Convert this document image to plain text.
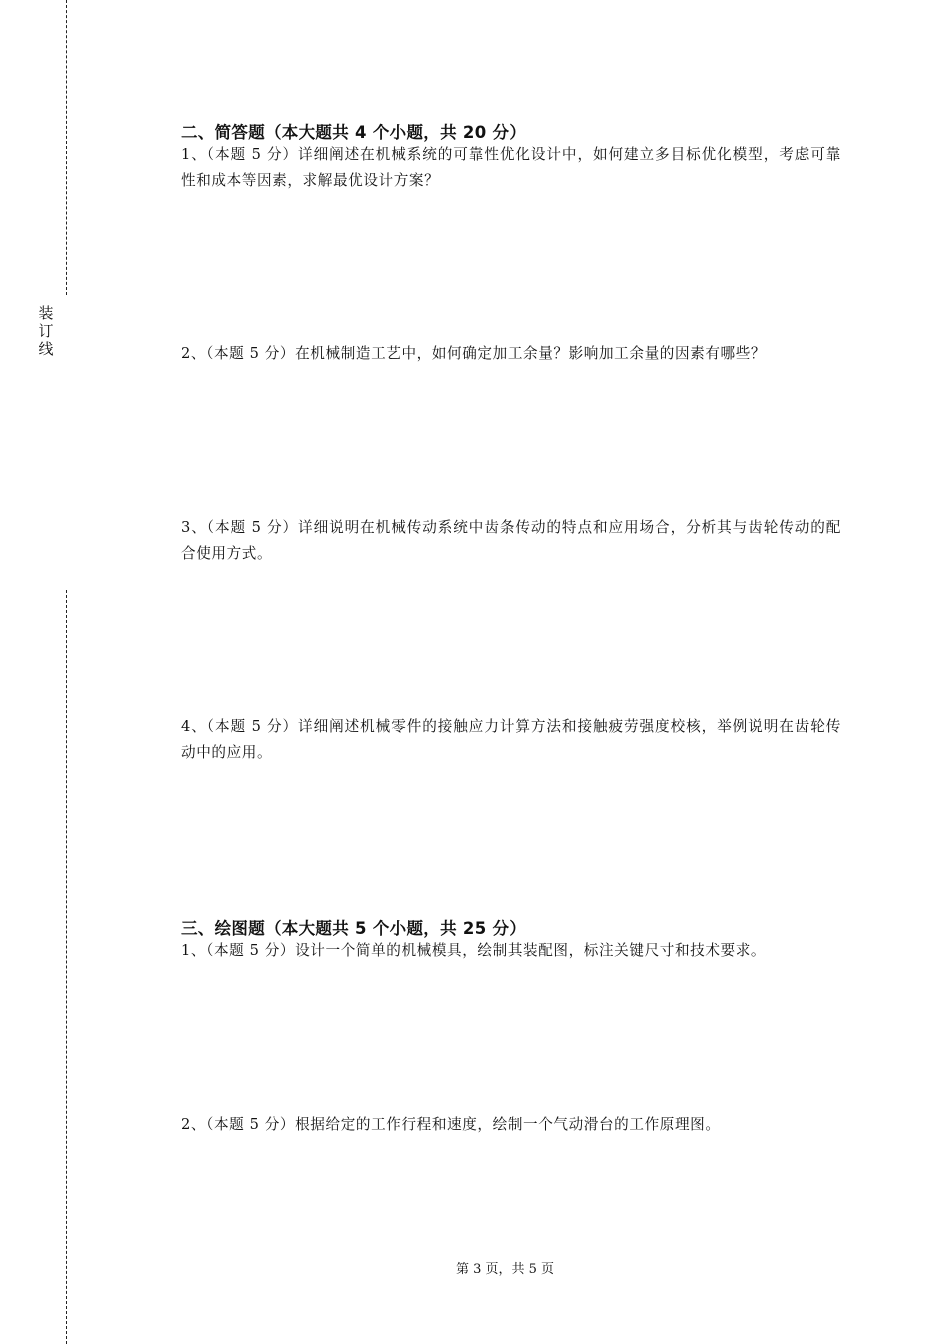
装
订
线
二、简答题（本大题共 4 个小题，共 20 分）
1、（本题 5 分）详细阐述在机械系统的可靠性优化设计中，如何建立多目标优化模型，考虑可靠性和成本等因素，求解最优设计方案？
2、（本题 5 分）在机械制造工艺中，如何确定加工余量？影响加工余量的因素有哪些？
3、（本题 5 分）详细说明在机械传动系统中齿条传动的特点和应用场合，分析其与齿轮传动的配合使用方式。
4、（本题 5 分）详细阐述机械零件的接触应力计算方法和接触疲劳强度校核，举例说明在齿轮传动中的应用。
三、绘图题（本大题共 5 个小题，共 25 分）
1、（本题 5 分）设计一个简单的机械模具，绘制其装配图，标注关键尺寸和技术要求。
2、（本题 5 分）根据给定的工作行程和速度，绘制一个气动滑台的工作原理图。
第 3 页，共 5 页
